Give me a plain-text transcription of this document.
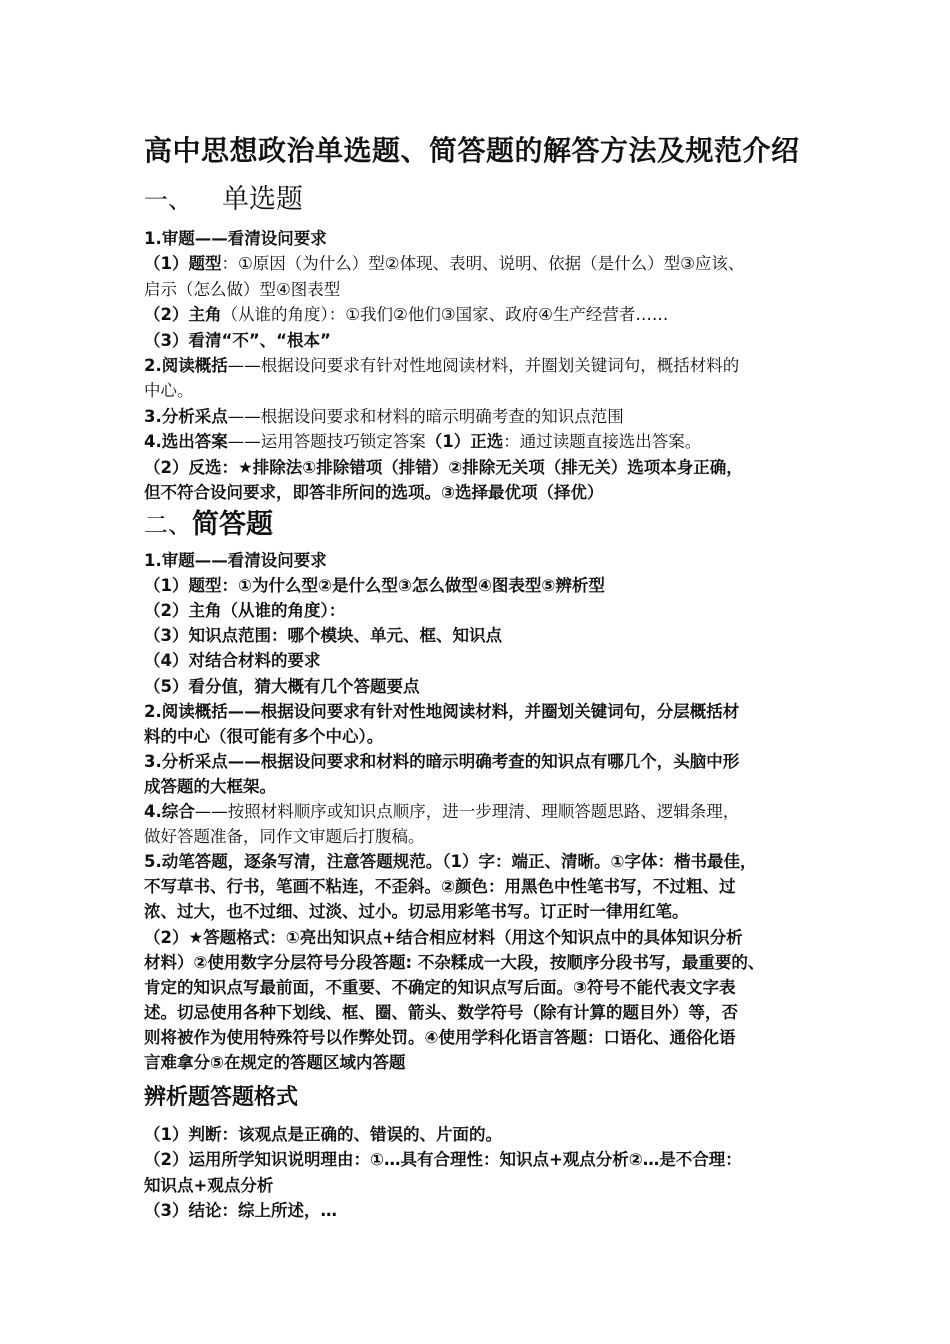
高中思想政治单选题、简答题的解答方法及规范介绍
一、 单选题
1.审题——看清设问要求
（1）题型：①原因（为什么）型②体现、表明、说明、依据（是什么）型③应该、
启示（怎么做）型④图表型
（2）主角（从谁的角度）：①我们②他们③国家、政府④生产经营者……
（3）看清“不”、“根本”
2.阅读概括——根据设问要求有针对性地阅读材料，并圈划关键词句，概括材料的
中心。
3.分析采点——根据设问要求和材料的暗示明确考查的知识点范围
4.选出答案——运用答题技巧锁定答案（1）正选：通过读题直接选出答案。
（2）反选：★排除法①排除错项（排错）②排除无关项（排无关）选项本身正确，
但不符合设问要求，即答非所问的选项。③选择最优项（择优）
二、简答题
1.审题——看清设问要求
（1）题型：①为什么型②是什么型③怎么做型④图表型⑤辨析型
（2）主角（从谁的角度）：
（3）知识点范围：哪个模块、单元、框、知识点
（4）对结合材料的要求
（5）看分值，猜大概有几个答题要点
2.阅读概括——根据设问要求有针对性地阅读材料，并圈划关键词句，分层概括材
料的中心（很可能有多个中心）。
3.分析采点——根据设问要求和材料的暗示明确考查的知识点有哪几个，头脑中形
成答题的大框架。
4.综合——按照材料顺序或知识点顺序，进一步理清、理顺答题思路、逻辑条理，
做好答题准备，同作文审题后打腹稿。
5.动笔答题，逐条写清，注意答题规范。（1）字：端正、清晰。①字体：楷书最佳，
不写草书、行书，笔画不粘连，不歪斜。②颜色：用黑色中性笔书写，不过粗、过
浓、过大，也不过细、过淡、过小。切忌用彩笔书写。订正时一律用红笔。
（2）★答题格式：①亮出知识点+结合相应材料（用这个知识点中的具体知识分析
材料）②使用数字分层符号分段答题: 不杂糅成一大段，按顺序分段书写，最重要的、
肯定的知识点写最前面，不重要、不确定的知识点写后面。③符号不能代表文字表
述。切忌使用各种下划线、框、圈、箭头、数学符号（除有计算的题目外）等，否
则将被作为使用特殊符号以作弊处罚。④使用学科化语言答题：口语化、通俗化语
言难拿分⑤在规定的答题区域内答题
辨析题答题格式
（1）判断：该观点是正确的、错误的、片面的。
（2）运用所学知识说明理由：①…具有合理性：知识点+观点分析②…是不合理：
知识点+观点分析
（3）结论：综上所述，…
